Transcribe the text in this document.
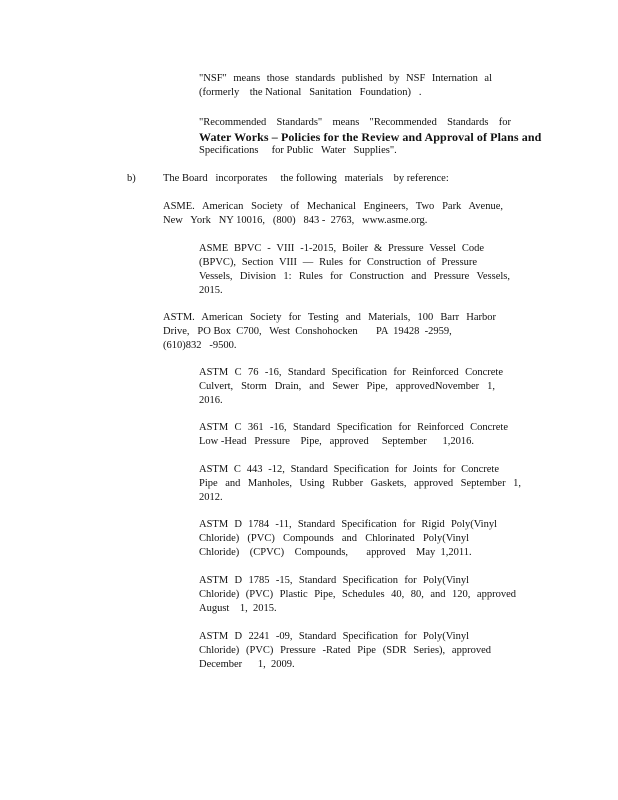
"NSF" means those standards published by NSF Internation al
(formerly    the National   Sanitation   Foundation)   .
"Recommended Standards" means "Recommended Standards for
Water Works – Policies for the Review and Approval of Plans and
Specifications     for Public   Water   Supplies".
b)	The Board   incorporates     the following   materials    by reference:
ASME. American Society of Mechanical Engineers, Two Park Avenue,
New   York   NY 10016,   (800)   843 -  2763,   www.asme.org.
ASME BPVC - VIII -1-2015, Boiler & Pressure Vessel Code
(BPVC), Section VIII — Rules for Construction of Pressure
Vessels, Division 1: Rules for Construction and Pressure Vessels,
2015.
ASTM. American Society for Testing and Materials, 100 Barr Harbor
Drive,   PO Box  C700,   West  Conshohocken       PA  19428  -2959,
(610)832   -9500.
ASTM C 76 -16, Standard Specification for Reinforced Concrete
Culvert, Storm Drain, and Sewer Pipe, approvedNovember 1,
2016.
ASTM C 361 -16, Standard Specification for Reinforced Concrete
Low -Head   Pressure    Pipe,   approved     September      1,2016.
ASTM C 443 -12, Standard Specification for Joints for Concrete
Pipe and Manholes, Using Rubber Gaskets, approved September 1,
2012.
ASTM D 1784 -11, Standard Specification for Rigid Poly(Vinyl
Chloride) (PVC) Compounds and Chlorinated Poly(Vinyl
Chloride)    (CPVC)    Compounds,       approved    May  1,2011.
ASTM D 1785 -15, Standard Specification for Poly(Vinyl
Chloride) (PVC) Plastic Pipe, Schedules 40, 80, and 120, approved
August    1,  2015.
ASTM D 2241 -09, Standard Specification for Poly(Vinyl
Chloride) (PVC) Pressure -Rated Pipe (SDR Series), approved
December      1,  2009.
